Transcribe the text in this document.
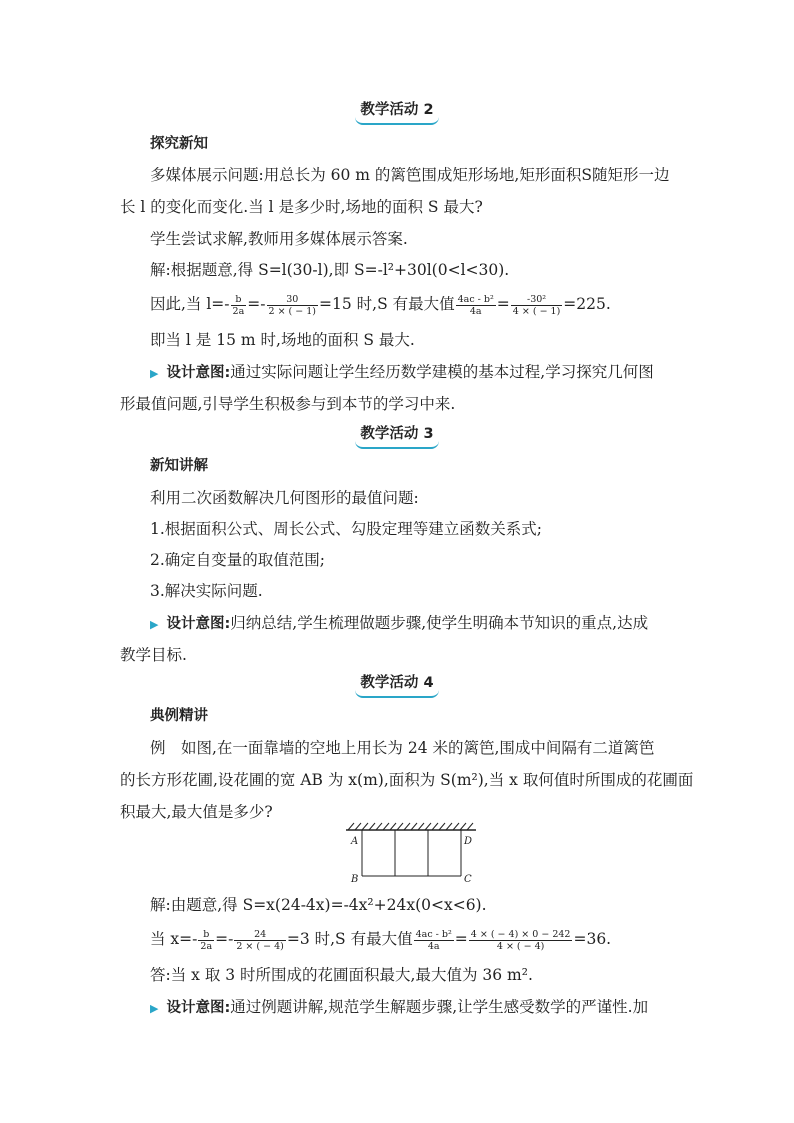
教学活动 2
探究新知
多媒体展示问题:用总长为 60 m 的篱笆围成矩形场地,矩形面积S随矩形一边
长 l 的变化而变化.当 l 是多少时,场地的面积 S 最大?
学生尝试求解,教师用多媒体展示答案.
解:根据题意,得 S=l(30-l),即 S=-l²+30l(0<l<30).
因此,当 $l=- \frac{b}{2a} =- \frac{30}{2 \times ( - 1)} =15$ 时,S 有最大值 $\frac{\text{4ac - b²}}{4a} = \frac{\text{-30²}}{4 \times ( - 1)} =225$.
即当 l 是 15 m 时,场地的面积 S 最大.
▶ 设计意图:通过实际问题让学生经历数学建模的基本过程,学习探究几何图
形最值问题,引导学生积极参与到本节的学习中来.
教学活动 3
新知讲解
利用二次函数解决几何图形的最值问题:
1.根据面积公式、周长公式、勾股定理等建立函数关系式;
2.确定自变量的取值范围;
3.解决实际问题.
▶ 设计意图:归纳总结,学生梳理做题步骤,使学生明确本节知识的重点,达成
教学目标.
教学活动 4
典例精讲
例　如图,在一面靠墙的空地上用长为 24 米的篱笆,围成中间隔有二道篱笆
的长方形花圃,设花圃的宽 AB 为 x(m),面积为 S(m²),当 x 取何值时所围成的花圃面
积最大,最大值是多少?
A
B	C
D
解:由题意,得 S=x(24-4x)=-4x²+24x(0<x<6).
当 $x=- \frac{b}{2a} =- \frac{24}{2 \times ( - 4)} =3$ 时,S 有最大值 $\frac{\text{4ac - b²}}{4a} = \frac{4 \times ( - 4) \times 0 - 242}{4 \times ( - 4)} =36$.
答:当 x 取 3 时所围成的花圃面积最大,最大值为 36 m².
▶ 设计意图:通过例题讲解,规范学生解题步骤,让学生感受数学的严谨性.加
